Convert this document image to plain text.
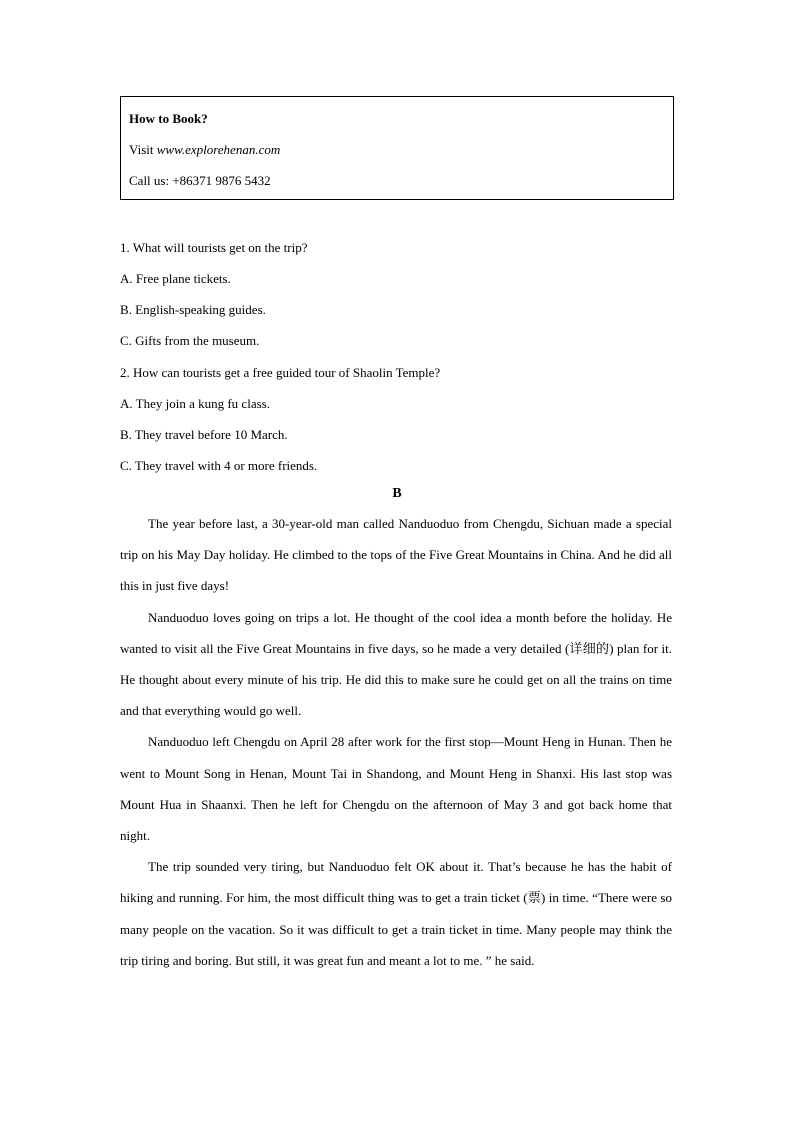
How to Book?
Visit www.explorehenan.com
Call us: +86371 9876 5432
1. What will tourists get on the trip?
A. Free plane tickets.
B. English-speaking guides.
C. Gifts from the museum.
2. How can tourists get a free guided tour of Shaolin Temple?
A. They join a kung fu class.
B. They travel before 10 March.
C. They travel with 4 or more friends.
B

The year before last, a 30-year-old man called Nanduoduo from Chengdu, Sichuan made a special trip on his May Day holiday. He climbed to the tops of the Five Great Mountains in China. And he did all this in just five days!

Nanduoduo loves going on trips a lot. He thought of the cool idea a month before the holiday. He wanted to visit all the Five Great Mountains in five days, so he made a very detailed (详细的) plan for it. He thought about every minute of his trip. He did this to make sure he could get on all the trains on time and that everything would go well.

Nanduoduo left Chengdu on April 28 after work for the first stop—Mount Heng in Hunan. Then he went to Mount Song in Henan, Mount Tai in Shandong, and Mount Heng in Shanxi. His last stop was Mount Hua in Shaanxi. Then he left for Chengdu on the afternoon of May 3 and got back home that night.

The trip sounded very tiring, but Nanduoduo felt OK about it. That’s because he has the habit of hiking and running. For him, the most difficult thing was to get a train ticket (票) in time. “There were so many people on the vacation. So it was difficult to get a train ticket in time. Many people may think the trip tiring and boring. But still, it was great fun and meant a lot to me. ” he said.
